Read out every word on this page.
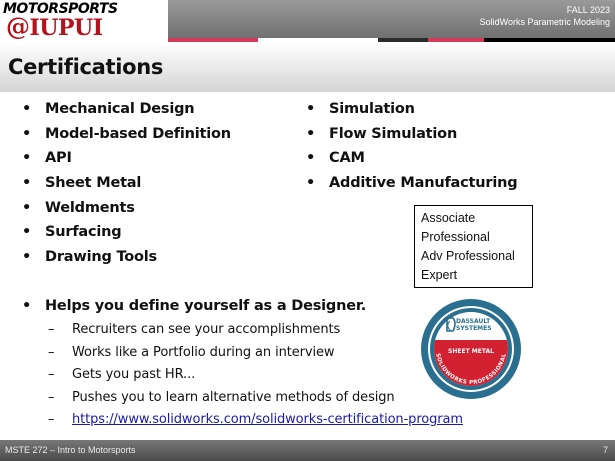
MOTORSPORTS
@IUPUI
FALL 2023
SolidWorks Parametric Modeling
Certifications
• Mechanical Design
• Model-based Definition
• API
• Sheet Metal
• Weldments
• Surfacing
• Drawing Tools
• Simulation
• Flow Simulation
• CAM
• Additive Manufacturing
Associate
Professional
Adv Professional
Expert
• Helps you define yourself as a Designer.
– Recruiters can see your accomplishments
– Works like a Portfolio during an interview
– Gets you past HR...
– Pushes you to learn alternative methods of design
– https://www.solidworks.com/solidworks-certification-program
DASSAULT
SYSTEMES
SHEET METAL
SOLIDWORKS PROFESSIONAL
MSTE 272 – Intro to Motorsports	7
